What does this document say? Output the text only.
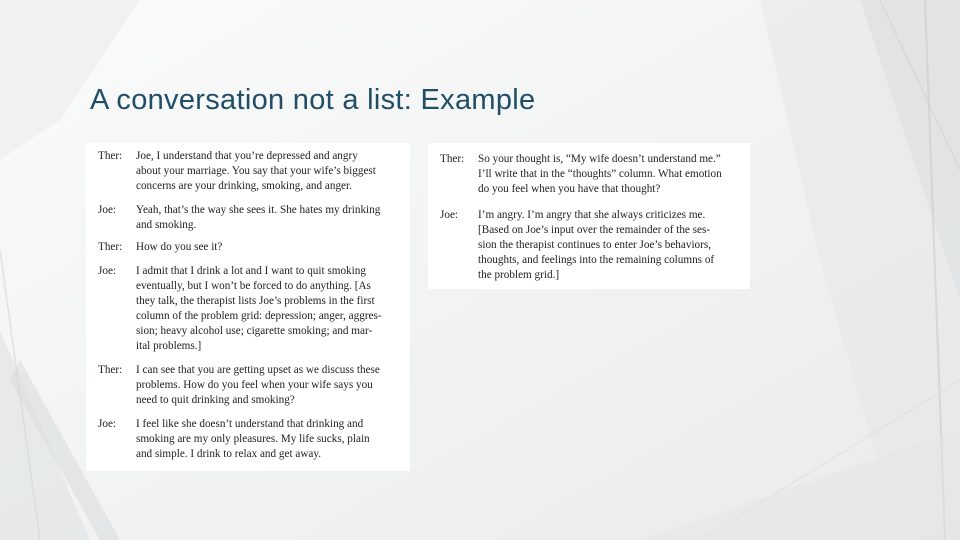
A conversation not a list: Example
Ther:	Joe, I understand that you’re depressed and angry
about your marriage. You say that your wife’s biggest
concerns are your drinking, smoking, and anger.
Joe:	Yeah, that’s the way she sees it. She hates my drinking
and smoking.
Ther:	How do you see it?
Joe:	I admit that I drink a lot and I want to quit smoking
eventually, but I won’t be forced to do anything. [As
they talk, the therapist lists Joe’s problems in the first
column of the problem grid: depression; anger, aggres-
sion; heavy alcohol use; cigarette smoking; and mar-
ital problems.]
Ther:	I can see that you are getting upset as we discuss these
problems. How do you feel when your wife says you
need to quit drinking and smoking?
Joe:	I feel like she doesn’t understand that drinking and
smoking are my only pleasures. My life sucks, plain
and simple. I drink to relax and get away.
Ther:	So your thought is, “My wife doesn’t understand me.”
I’ll write that in the “thoughts” column. What emotion
do you feel when you have that thought?
Joe:	I’m angry. I’m angry that she always criticizes me.
[Based on Joe’s input over the remainder of the ses-
sion the therapist continues to enter Joe’s behaviors,
thoughts, and feelings into the remaining columns of
the problem grid.]
